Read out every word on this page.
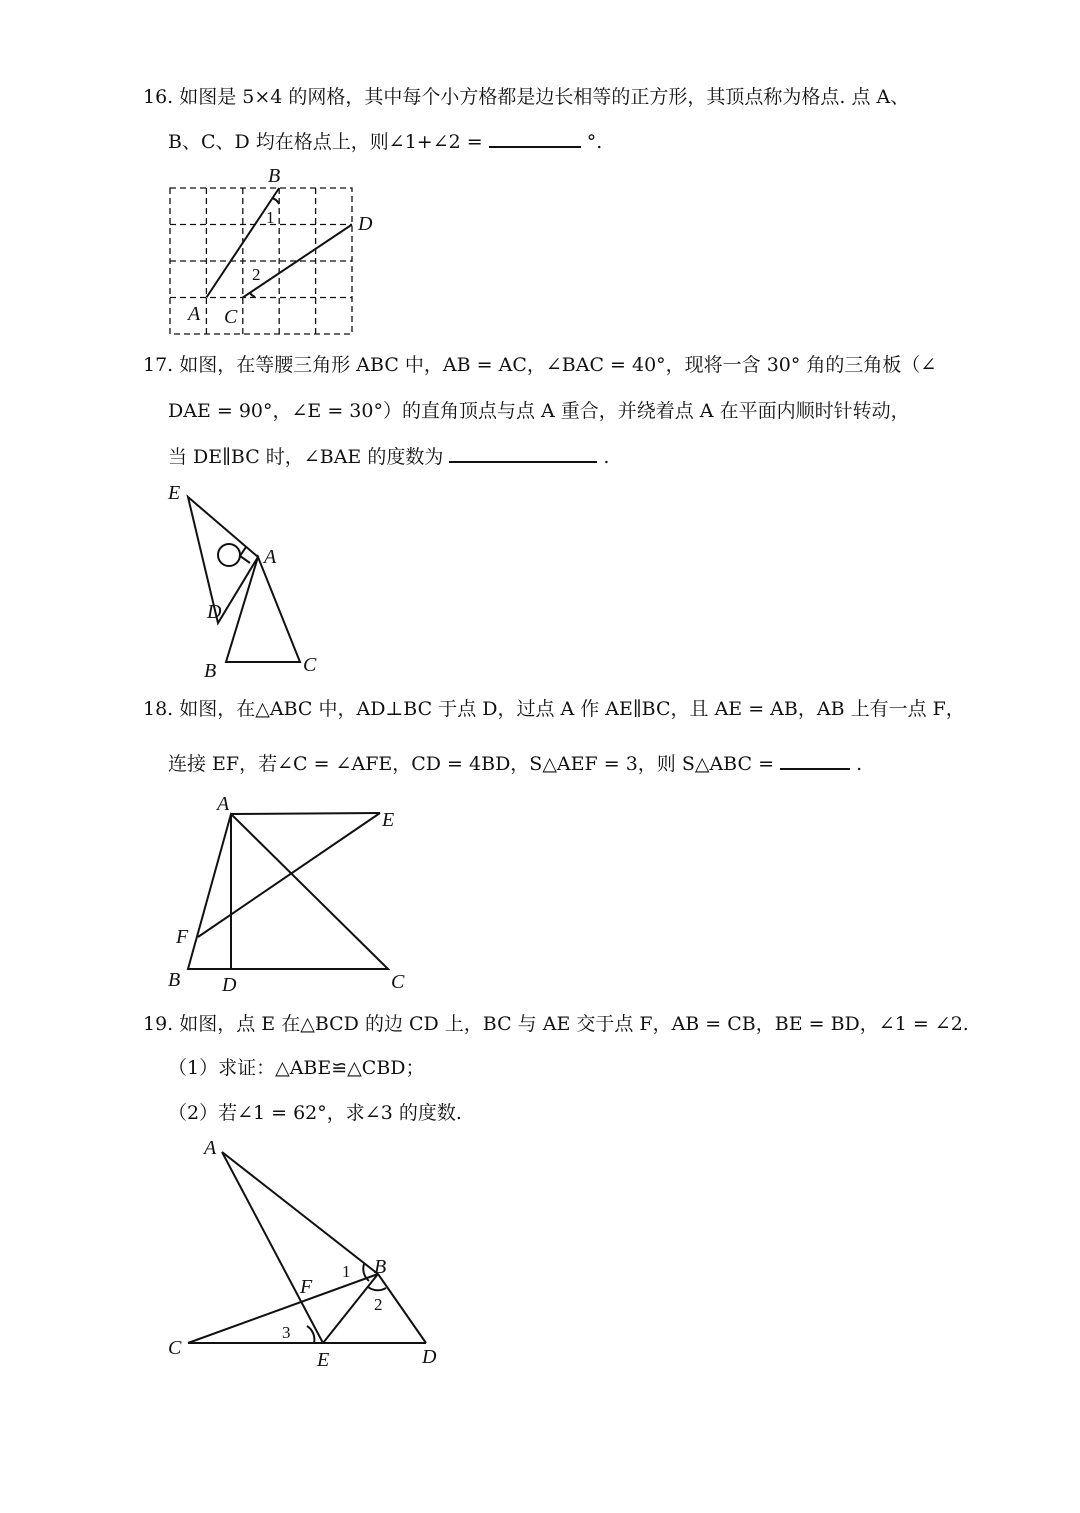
16. 如图是 5×4 的网格，其中每个小方格都是边长相等的正方形，其顶点称为格点. 点 A、
B、C、D 均在格点上，则∠1+∠2 =	°.
B
D
A C
1
2
17. 如图，在等腰三角形 ABC 中，AB = AC，∠BAC = 40°，现将一含 30° 角的三角板（∠
DAE = 90°，∠E = 30°）的直角顶点与点 A 重合，并绕着点 A 在平面内顺时针转动，
当 DE∥BC 时，∠BAE 的度数为	.
E
A
D
B	C
18. 如图，在△ABC 中，AD⊥BC 于点 D，过点 A 作 AE∥BC，且 AE = AB，AB 上有一点 F，
连接 EF，若∠C = ∠AFE，CD = 4BD，S△AEF = 3，则 S△ABC =	.
A
E
F
B D	C
19. 如图，点 E 在△BCD 的边 CD 上，BC 与 AE 交于点 F，AB = CB，BE = BD，∠1 = ∠2.
（1）求证：△ABE≌△CBD；
（2）若∠1 = 62°，求∠3 的度数.
A
B
F
C
E	D
1
2
3
